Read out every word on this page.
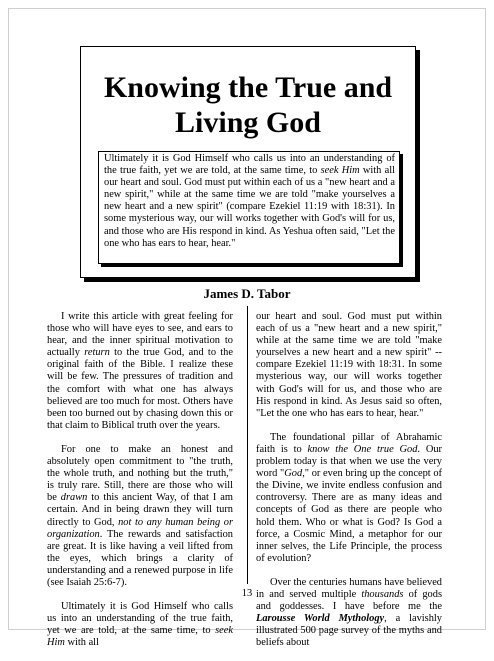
Knowing the True and
Living God

Ultimately it is God Himself who calls us into an understanding of the true faith, yet we are told, at the same time, to seek Him with all our heart and soul. God must put within each of us a "new heart and a new spirit," while at the same time we are told "make yourselves a new heart and a new spirit" (compare Ezekiel 11:19 with 18:31). In some mysterious way, our will works together with God's will for us, and those who are His respond in kind. As Yeshua often said, "Let the one who has ears to hear, hear."

James D. Tabor

I write this article with great feeling for those who will have eyes to see, and ears to hear, and the inner spiritual motivation to actually return to the true God, and to the original faith of the Bible. I realize these will be few. The pressures of tradition and the comfort with what one has always believed are too much for most. Others have been too burned out by chasing down this or that claim to Biblical truth over the years.

For one to make an honest and absolutely open commitment to "the truth, the whole truth, and nothing but the truth," is truly rare. Still, there are those who will be drawn to this ancient Way, of that I am certain. And in being drawn they will turn directly to God, not to any human being or organization. The rewards and satisfaction are great. It is like having a veil lifted from the eyes, which brings a clarity of understanding and a renewed purpose in life (see Isaiah 25:6-7).

Ultimately it is God Himself who calls us into an understanding of the true faith, yet we are told, at the same time, to seek Him with all

our heart and soul. God must put within each of us a "new heart and a new spirit," while at the same time we are told "make yourselves a new heart and a new spirit" -- compare Ezekiel 11:19 with 18:31. In some mysterious way, our will works together with God's will for us, and those who are His respond in kind. As Jesus said so often, "Let the one who has ears to hear, hear."

The foundational pillar of Abrahamic faith is to know the One true God. Our problem today is that when we use the very word "God," or even bring up the concept of the Divine, we invite endless confusion and controversy. There are as many ideas and concepts of God as there are people who hold them. Who or what is God? Is God a force, a Cosmic Mind, a metaphor for our inner selves, the Life Principle, the process of evolution?

Over the centuries humans have believed in and served multiple thousands of gods and goddesses. I have before me the Larousse World Mythology, a lavishly illustrated 500 page survey of the myths and beliefs about

13
